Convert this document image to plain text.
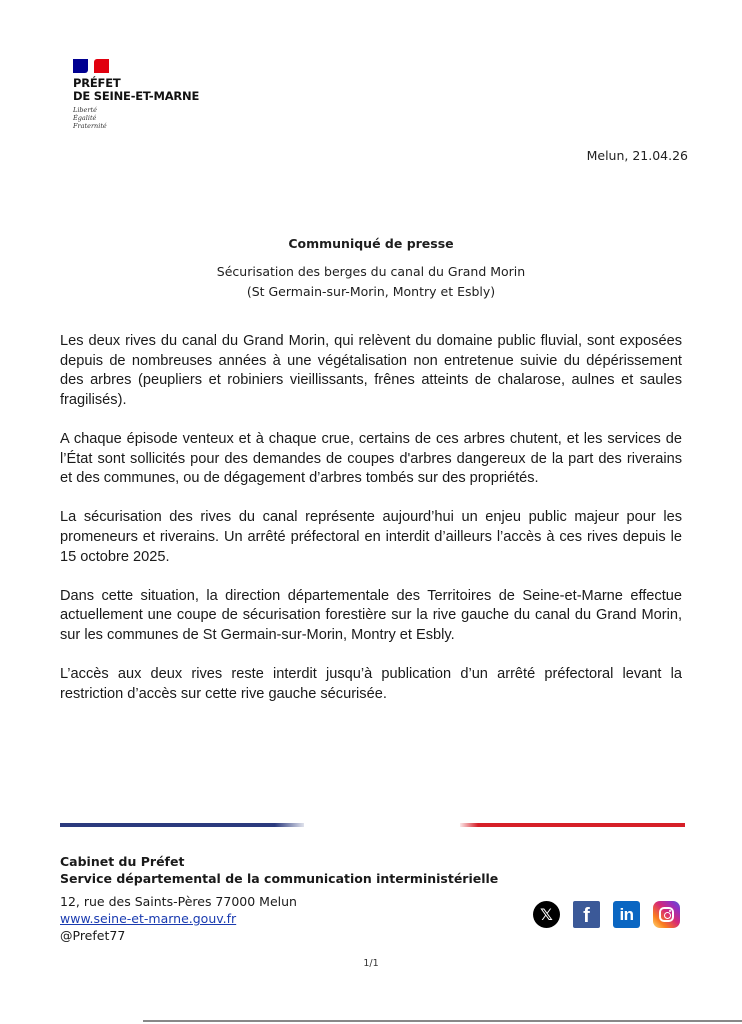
PRÉFET
DE SEINE-ET-MARNE
Liberté
Égalité
Fraternité
Melun, 21.04.26
Communiqué de presse
Sécurisation des berges du canal du Grand Morin
(St Germain-sur-Morin, Montry et Esbly)

Les deux rives du canal du Grand Morin, qui relèvent du domaine public fluvial, sont exposées depuis de nombreuses années à une végétalisation non entretenue suivie du dépérissement des arbres (peupliers et robiniers vieillissants, frênes atteints de chalarose, aulnes et saules fragilisés).

A chaque épisode venteux et à chaque crue, certains de ces arbres chutent, et les services de l’État sont sollicités pour des demandes de coupes d'arbres dangereux de la part des riverains et des communes, ou de dégagement d’arbres tombés sur des propriétés.

La sécurisation des rives du canal représente aujourd’hui un enjeu public majeur pour les promeneurs et riverains. Un arrêté préfectoral en interdit d’ailleurs l’accès à ces rives depuis le 15 octobre 2025.

Dans cette situation, la direction départementale des Territoires de Seine-et-Marne effectue actuellement une coupe de sécurisation forestière sur la rive gauche du canal du Grand Morin, sur les communes de St Germain-sur-Morin, Montry et Esbly.

L’accès aux deux rives reste interdit jusqu’à publication d’un arrêté préfectoral levant la restriction d’accès sur cette rive gauche sécurisée.

Cabinet du Préfet
Service départemental de la communication interministérielle
12, rue des Saints-Pères 77000 Melun
www.seine-et-marne.gouv.fr
@Prefet77
𝕏	f	in
1/1
